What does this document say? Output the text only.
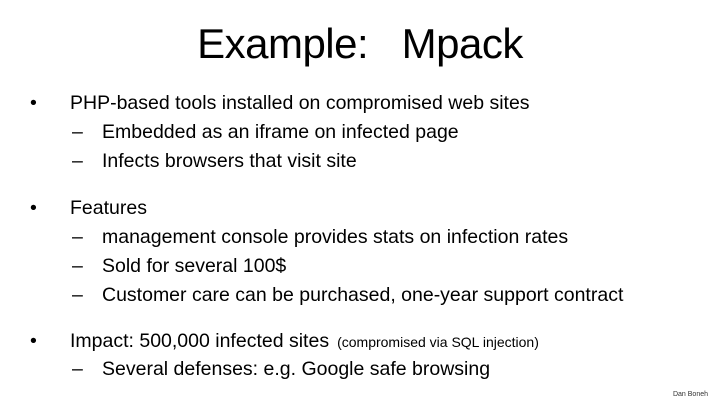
Example:   Mpack
• PHP-based tools installed on compromised web sites
– Embedded as an iframe on infected page
– Infects browsers that visit site
• Features
– management console provides stats on infection rates
– Sold for several 100$
– Customer care can be purchased, one-year support contract
• Impact: 500,000 infected sites (compromised via SQL injection)
– Several defenses: e.g. Google safe browsing
Dan Boneh
